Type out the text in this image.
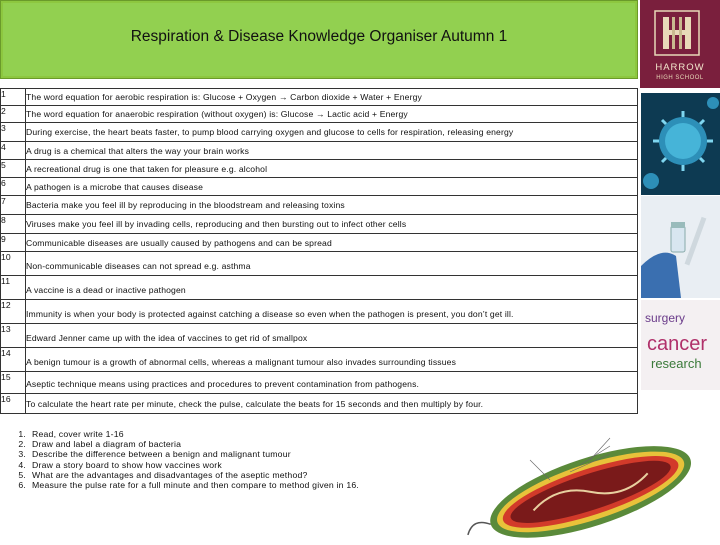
Respiration & Disease Knowledge Organiser Autumn 1
HARROW
HIGH SCHOOL
1	The word equation for aerobic respiration is: Glucose + Oxygen → Carbon dioxide + Water + Energy
2	The word equation for anaerobic respiration (without oxygen) is: Glucose → Lactic acid + Energy
3	During exercise, the heart beats faster, to pump blood carrying oxygen and glucose to cells for respiration, releasing energy
4	A drug is a chemical that alters the way your brain works
5	A recreational drug is one that taken for pleasure e.g. alcohol
6	A pathogen is a microbe that causes disease
7	Bacteria make you feel ill by reproducing in the bloodstream and releasing toxins
8	Viruses make you feel ill by invading cells, reproducing and then bursting out to infect other cells
9	Communicable diseases are usually caused by pathogens and can be spread
10	Non-communicable diseases can not spread e.g. asthma
11	A vaccine is a dead or inactive pathogen
12	Immunity is when your body is protected against catching a disease so even when the pathogen is present, you don’t get ill.
13	Edward Jenner came up with the idea of vaccines to get rid of smallpox
14	A benign tumour is a growth of abnormal cells, whereas a malignant tumour also invades surrounding tissues
15	Aseptic technique means using practices and procedures to prevent contamination from pathogens.
16	To calculate the heart rate per minute, check the pulse, calculate the beats for 15 seconds and then multiply by four.
1. Read, cover write 1-16
2. Draw and label a diagram of bacteria
3. Describe the difference between a benign and malignant tumour
4. Draw a story board to show how vaccines work
5. What are the advantages and disadvantages of the aseptic method?
6. Measure the pulse rate for a full minute and then compare to method given in 16.
surgery
cancer
research
